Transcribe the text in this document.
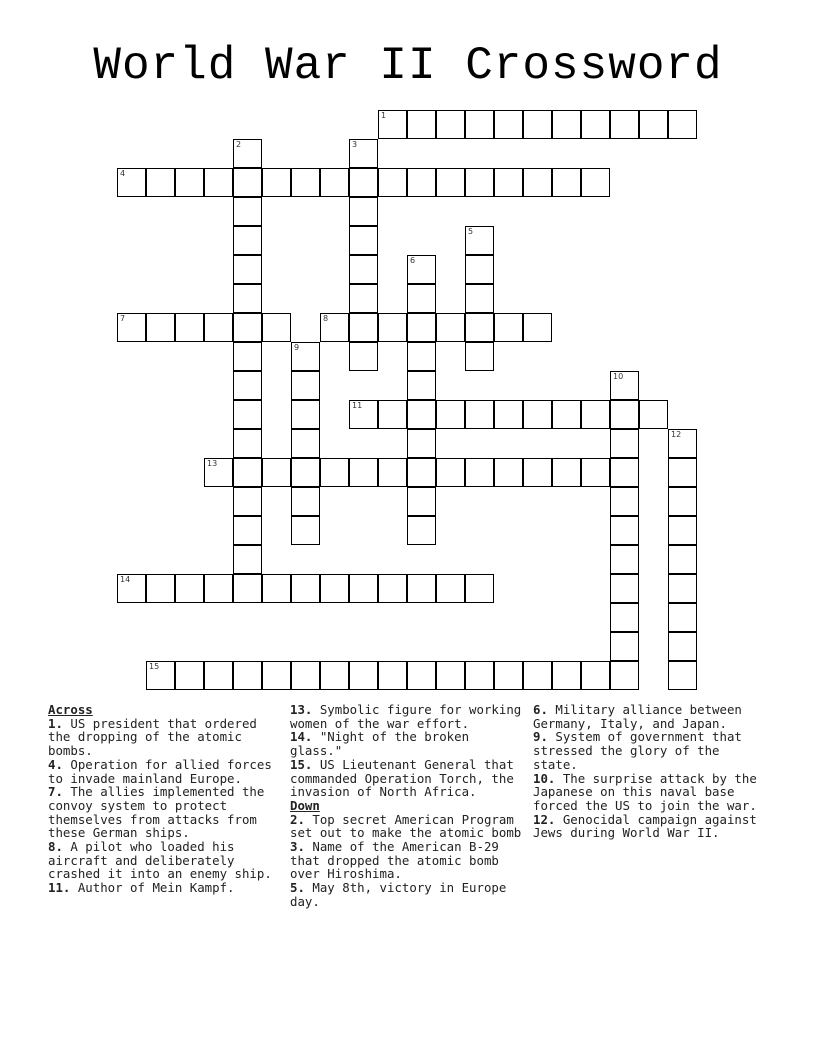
World War II Crossword
1
4
7	8
11
13
14
15
2	3
5
6
9
10
12
Across

1. US president that ordered the dropping of the atomic bombs.

4. Operation for allied forces to invade mainland Europe.

7. The allies implemented the convoy system to protect themselves from attacks from these German ships.

8. A pilot who loaded his aircraft and deliberately crashed it into an enemy ship.

11. Author of Mein Kampf.

13. Symbolic figure for working women of the war effort.

14. "Night of the broken glass."

15. US Lieutenant General that commanded Operation Torch, the invasion of North Africa.

Down

2. Top secret American Program set out to make the atomic bomb

3. Name of the American B-29 that dropped the atomic bomb over Hiroshima.

5. May 8th, victory in Europe day.

6. Military alliance between Germany, Italy, and Japan.

9. System of government that stressed the glory of the state.

10. The surprise attack by the Japanese on this naval base forced the US to join the war.

12. Genocidal campaign against Jews during World War II.
